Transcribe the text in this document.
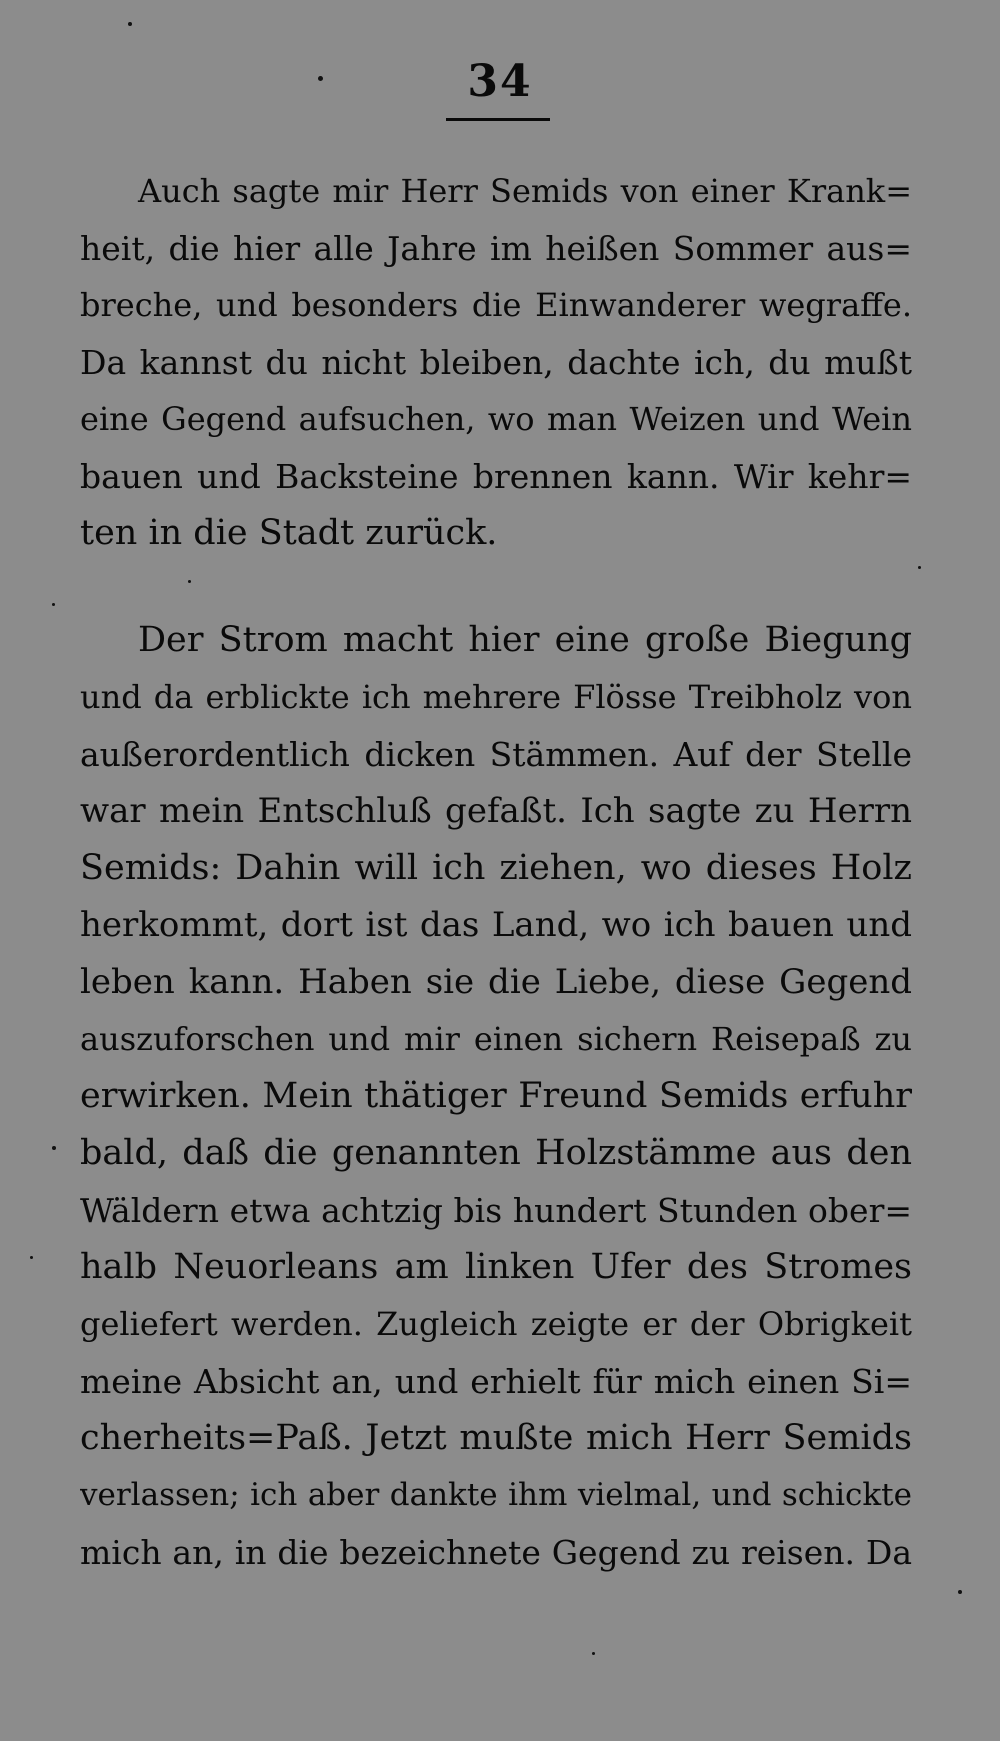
34
Auch sagte mir Herr Semids von einer Krank=
heit, die hier alle Jahre im heißen Sommer aus=
breche, und besonders die Einwanderer wegraffe.
Da kannst du nicht bleiben, dachte ich, du mußt
eine Gegend aufsuchen, wo man Weizen und Wein
bauen und Backsteine brennen kann. Wir kehr=
ten in die Stadt zurück.
Der Strom macht hier eine große Biegung
und da erblickte ich mehrere Flösse Treibholz von
außerordentlich dicken Stämmen. Auf der Stelle
war mein Entschluß gefaßt. Ich sagte zu Herrn
Semids: Dahin will ich ziehen, wo dieses Holz
herkommt, dort ist das Land, wo ich bauen und
leben kann. Haben sie die Liebe, diese Gegend
auszuforschen und mir einen sichern Reisepaß zu
erwirken. Mein thätiger Freund Semids erfuhr
bald, daß die genannten Holzstämme aus den
Wäldern etwa achtzig bis hundert Stunden ober=
halb Neuorleans am linken Ufer des Stromes
geliefert werden. Zugleich zeigte er der Obrigkeit
meine Absicht an, und erhielt für mich einen Si=
cherheits=Paß. Jetzt mußte mich Herr Semids
verlassen; ich aber dankte ihm vielmal, und schickte
mich an, in die bezeichnete Gegend zu reisen. Da
